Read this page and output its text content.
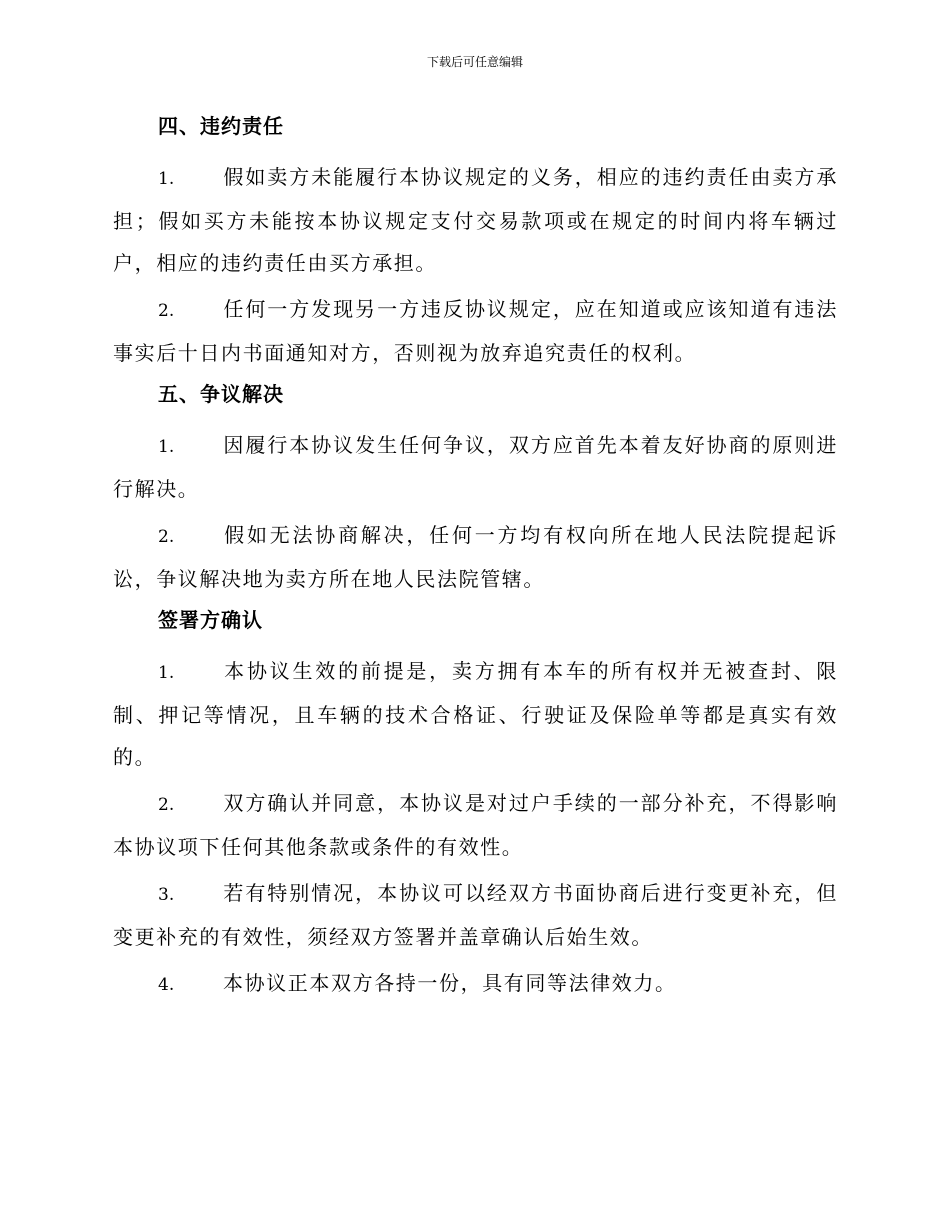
下载后可任意编辑

四、违约责任

1. 假如卖方未能履行本协议规定的义务，相应的违约责任由卖方承担；假如买方未能按本协议规定支付交易款项或在规定的时间内将车辆过户，相应的违约责任由买方承担。

2. 任何一方发现另一方违反协议规定，应在知道或应该知道有违法事实后十日内书面通知对方，否则视为放弃追究责任的权利。

五、争议解决

1. 因履行本协议发生任何争议，双方应首先本着友好协商的原则进行解决。

2. 假如无法协商解决，任何一方均有权向所在地人民法院提起诉讼，争议解决地为卖方所在地人民法院管辖。

签署方确认

1. 本协议生效的前提是，卖方拥有本车的所有权并无被查封、限制、押记等情况，且车辆的技术合格证、行驶证及保险单等都是真实有效的。

2. 双方确认并同意，本协议是对过户手续的一部分补充，不得影响本协议项下任何其他条款或条件的有效性。

3. 若有特别情况，本协议可以经双方书面协商后进行变更补充，但变更补充的有效性，须经双方签署并盖章确认后始生效。

4. 本协议正本双方各持一份，具有同等法律效力。
